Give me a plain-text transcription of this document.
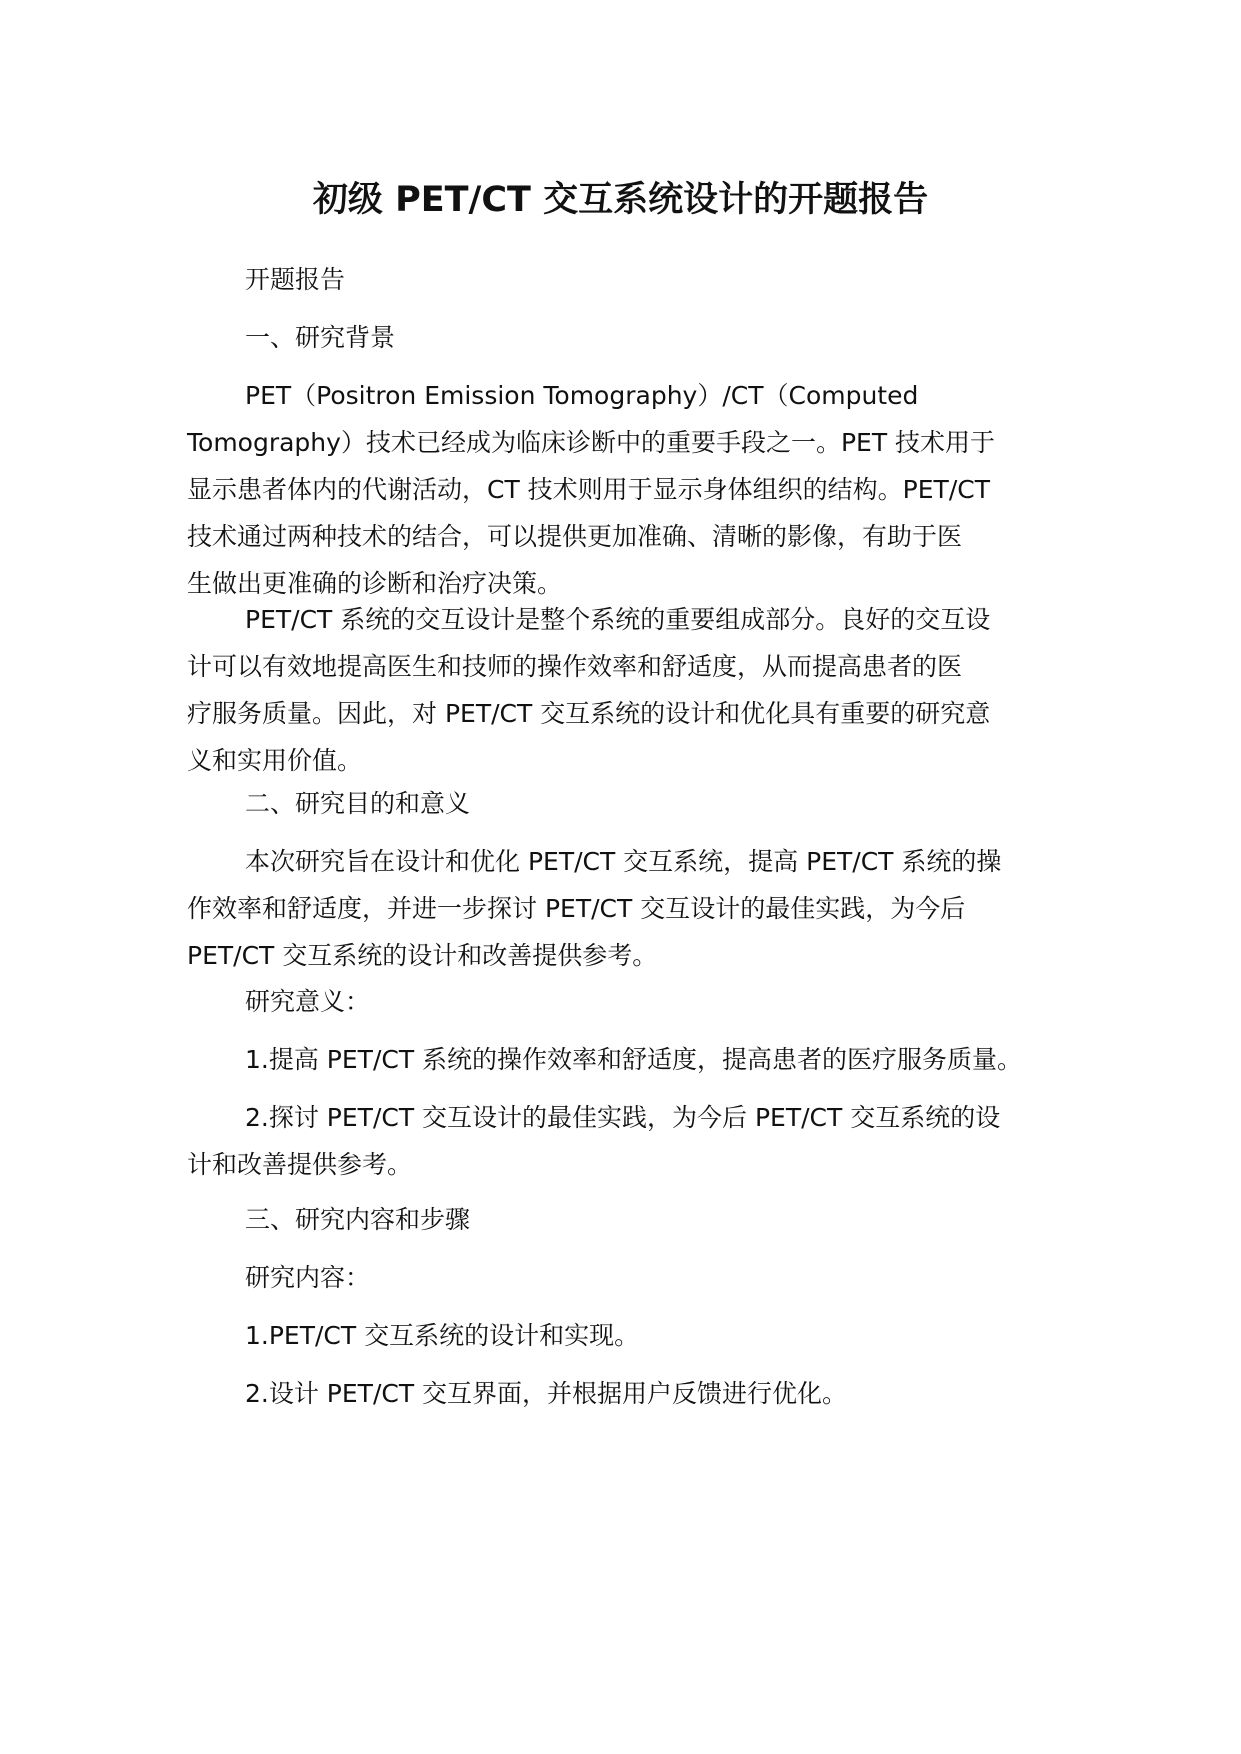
初级 PET/CT 交互系统设计的开题报告
开题报告
一、研究背景
PET（Positron Emission Tomography）/CT（Computed
Tomography）技术已经成为临床诊断中的重要手段之一。PET 技术用于
显示患者体内的代谢活动，CT 技术则用于显示身体组织的结构。PET/CT
技术通过两种技术的结合，可以提供更加准确、清晰的影像，有助于医
生做出更准确的诊断和治疗决策。
PET/CT 系统的交互设计是整个系统的重要组成部分。良好的交互设
计可以有效地提高医生和技师的操作效率和舒适度，从而提高患者的医
疗服务质量。因此，对 PET/CT 交互系统的设计和优化具有重要的研究意
义和实用价值。
二、研究目的和意义
本次研究旨在设计和优化 PET/CT 交互系统，提高 PET/CT 系统的操
作效率和舒适度，并进一步探讨 PET/CT 交互设计的最佳实践，为今后
PET/CT 交互系统的设计和改善提供参考。
研究意义：
1.提高 PET/CT 系统的操作效率和舒适度，提高患者的医疗服务质量。
2.探讨 PET/CT 交互设计的最佳实践，为今后 PET/CT 交互系统的设
计和改善提供参考。
三、研究内容和步骤
研究内容：
1.PET/CT 交互系统的设计和实现。
2.设计 PET/CT 交互界面，并根据用户反馈进行优化。
